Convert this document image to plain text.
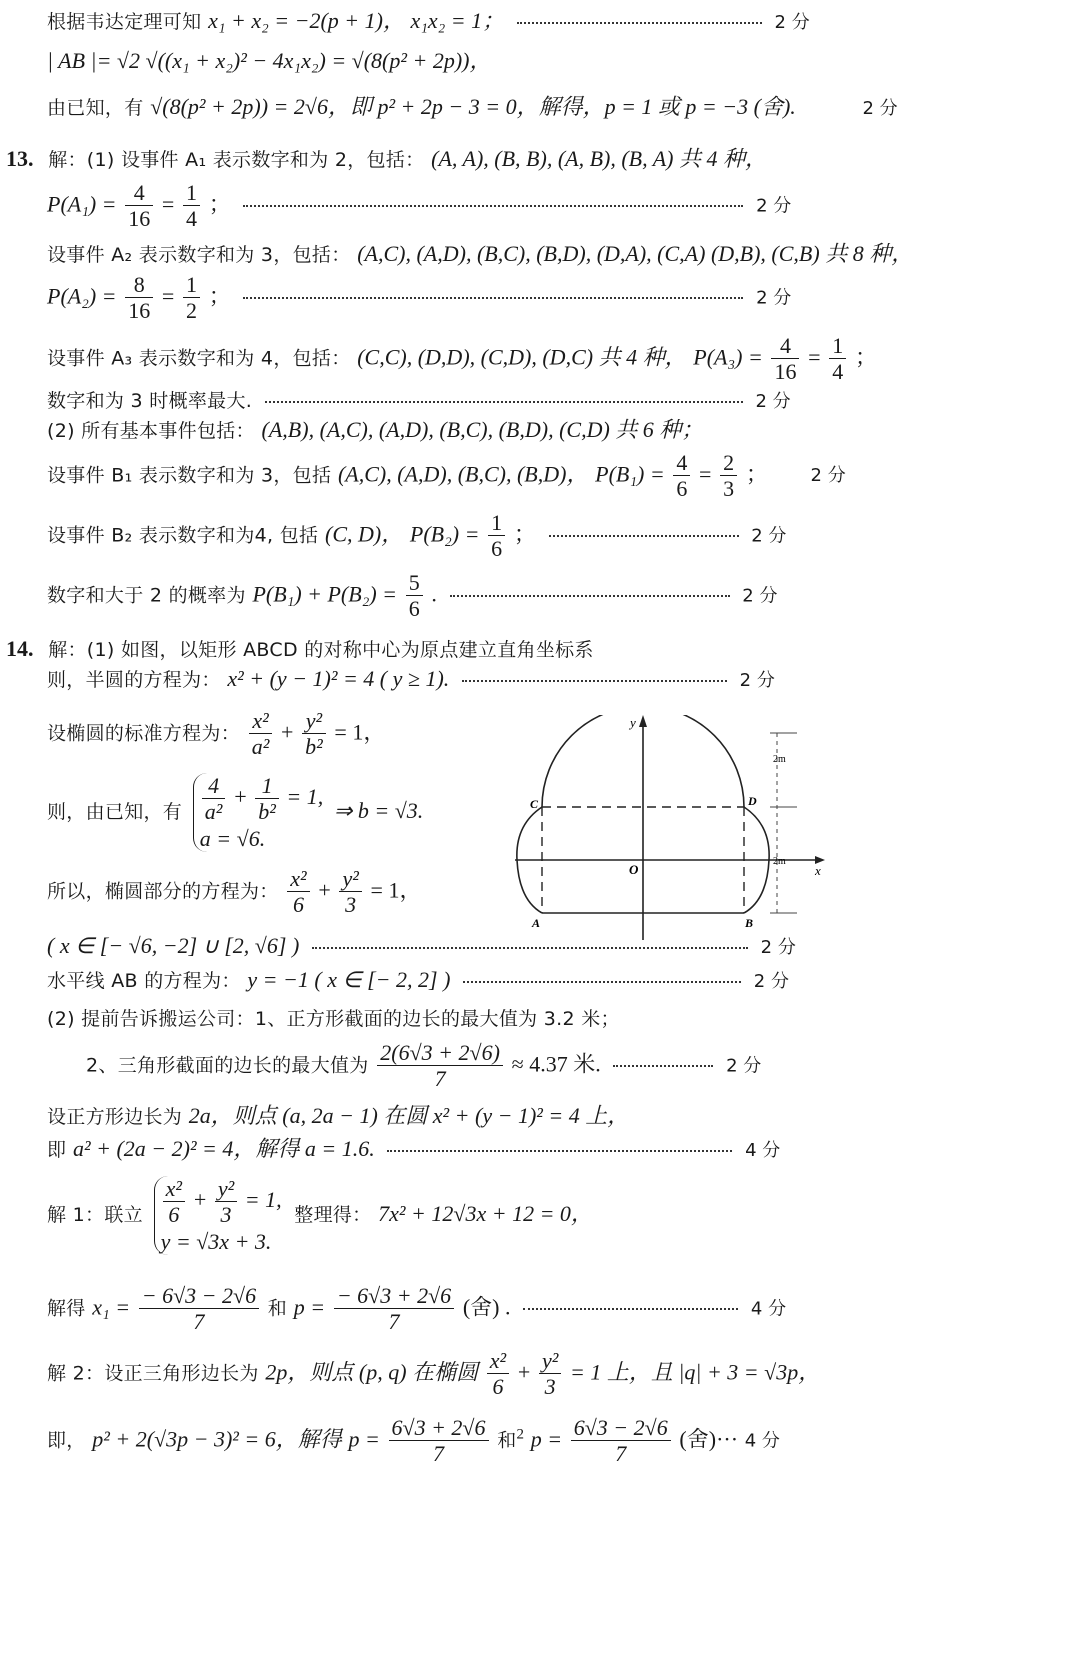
根据韦达定理可知 x₁ + x₂ = −2(p + 1)， x₁x₂ = 1；	2 分
| AB |= √2 √((x₁ + x₂)² − 4x₁x₂) = √(8(p² + 2p))，
由已知，有 √(8(p² + 2p)) = 2√6，即 p² + 2p − 3 = 0，解得，p = 1 或 p = −3 (舍).	2 分
13. 解：(1) 设事件 A₁ 表示数字和为 2，包括： (A, A), (B, B), (A, B), (B, A) 共 4 种，
$P(A_1) = \frac{4}{16} = \frac{1}{4}$ ；	2 分
设事件 A₂ 表示数字和为 3，包括： (A,C), (A,D), (B,C), (B,D), (D,A), (C,A) (D,B), (C,B) 共 8 种，
$P(A_2) = \frac{8}{16} = \frac{1}{2}$ ；	2 分
设事件 A₃ 表示数字和为 4，包括： (C,C), (D,D), (C,D), (D,C) 共 4 种， $P(A_3) = \frac{4}{16} = \frac{1}{4}$ ；
数字和为 3 时概率最大.	2 分
(2) 所有基本事件包括： (A,B), (A,C), (A,D), (B,C), (B,D), (C,D) 共 6 种；
设事件 B₁ 表示数字和为 3，包括 (A,C), (A,D), (B,C), (B,D)， $P(B_1) = \frac{4}{6} = \frac{2}{3}$ ； 2 分
设事件 B₂ 表示数字和为4, 包括 (C, D)， $P(B_2) = \frac{1}{6}$ ；	2 分
数字和大于 2 的概率为 $P(B_1) + P(B_2) = \frac{5}{6}$ .	2 分
14. 解：(1) 如图，以矩形 ABCD 的对称中心为原点建立直角坐标系
则，半圆的方程为： x² + (y − 1)² = 4 ( y ≥ 1).	2 分
设椭圆的标准方程为： $\frac{\text{x²}}{\text{a²}} + \frac{\text{y²}}{\text{b²}} = 1$，
则，由已知，有 $\frac{4}{\text{a²}} + \frac{1}{\text{b²}} = 1$,
a = √6.
⇒ b = √3.
所以，椭圆部分的方程为： $\frac{\text{x²}}{6} + \frac{\text{y²}}{3} = 1$，
( x ∈ [− √6, −2] ∪ [2, √6] )	2 分
水平线 AB 的方程为： y = −1 ( x ∈ [− 2, 2] )	2 分
(2) 提前告诉搬运公司：1、正方形截面的边长的最大值为 3.2 米；
2、三角形截面的边长的最大值为 $\frac{2(6√3 + 2√6)}{7} \approx 4.37$ 米.	2 分
设正方形边长为 2a，则点 (a, 2a − 1) 在圆 x² + (y − 1)² = 4 上，
即 a² + (2a − 2)² = 4，解得 a = 1.6.	4 分
解 1：联立 $\frac{\text{x²}}{6} + \frac{\text{y²}}{3} = 1$,
y = √3x + 3.
整理得： 7x² + 12√3x + 12 = 0，
解得 $x_1 = \frac{- 6√3 - 2√6}{7}$ 和 $p = \frac{- 6√3 + 2√6}{7}$ (舍) .	4 分
解 2：设正三角形边长为 2p，则点 (p, q) 在椭圆 $\frac{\text{x²}}{6} + \frac{\text{y²}}{3} = 1$ 上，且 |q| + 3 = √3p，
即， p² + 2(√3p − 3)² = 6，解得 $p = \frac{6√3 + 2√6}{7}$ 和$^2$ $p = \frac{6√3 - 2√6}{7}$ (舍)··· 4 分
y
x
O
A	B
C	D
2m
2m
